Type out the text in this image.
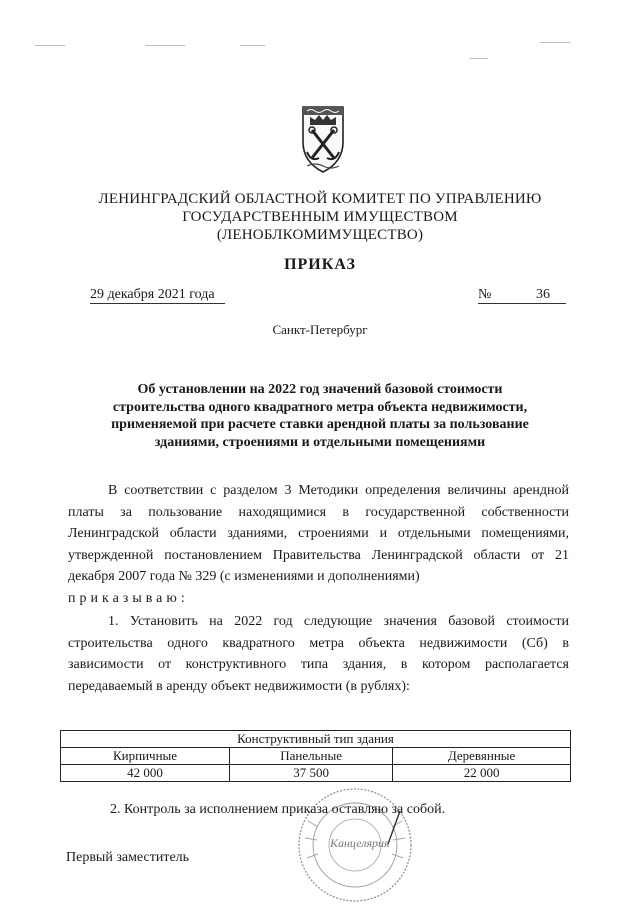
ЛЕНИНГРАДСКИЙ ОБЛАСТНОЙ КОМИТЕТ ПО УПРАВЛЕНИЮ
ГОСУДАРСТВЕННЫМ ИМУЩЕСТВОМ
(ЛЕНОБЛКОМИМУЩЕСТВО)
ПРИКАЗ
29 декабря 2021 года	№	36
Санкт-Петербург
Об установлении на 2022 год значений базовой стоимости
строительства одного квадратного метра объекта недвижимости,
применяемой при расчете ставки арендной платы за пользование
зданиями, строениями и отдельными помещениями

В соответствии с разделом 3 Методики определения величины арендной платы за пользование находящимися в государственной собственности Ленинградской области зданиями, строениями и отдельными помещениями, утвержденной постановлением Правительства Ленинградской области от 21 декабря 2007 года № 329 (с изменениями и дополнениями)

приказываю:

1. Установить на 2022 год следующие значения базовой стоимости строительства одного квадратного метра объекта недвижимости (Сб) в зависимости от конструктивного типа здания, в котором располагается передаваемый в аренду объект недвижимости (в рублях):

Конструктивный тип здания		
Кирпичные	Панельные	Деревянные
42 000	37 500	22 000
Канцелярия
2. Контроль за исполнением приказа оставляю за собой.
Первый заместитель
